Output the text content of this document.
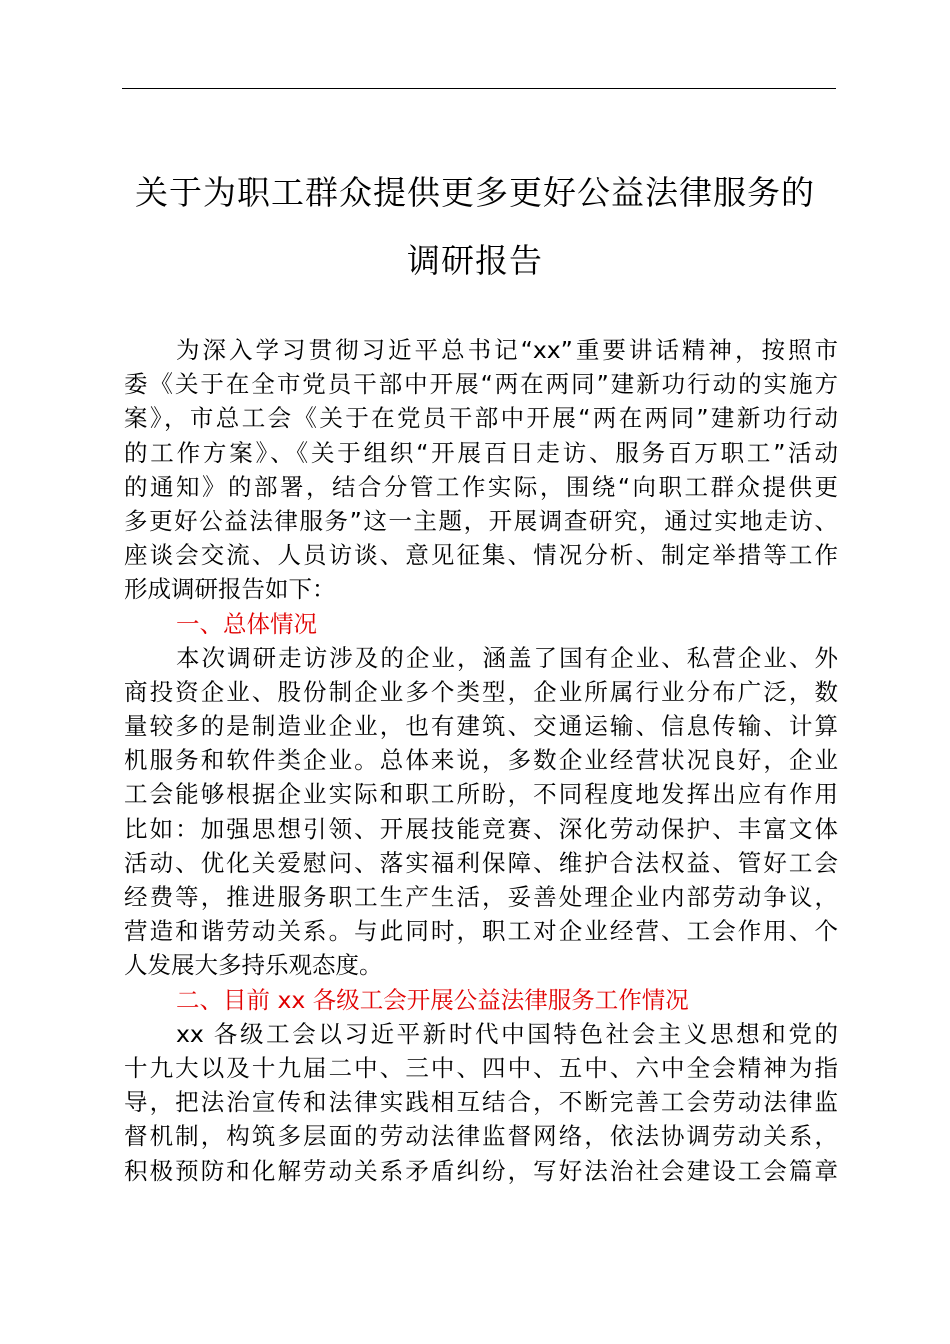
关于为职工群众提供更多更好公益法律服务的
调研报告
为深入学习贯彻习近平总书记“xx”重要讲话精神，按照市
委《关于在全市党员干部中开展“两在两同”建新功行动的实施方
案》，市总工会《关于在党员干部中开展“两在两同”建新功行动
的工作方案》、《关于组织“开展百日走访、服务百万职工”活动
的通知》的部署，结合分管工作实际，围绕“向职工群众提供更
多更好公益法律服务”这一主题，开展调查研究，通过实地走访、
座谈会交流、人员访谈、意见征集、情况分析、制定举措等工作
形成调研报告如下：
一、总体情况
本次调研走访涉及的企业，涵盖了国有企业、私营企业、外
商投资企业、股份制企业多个类型，企业所属行业分布广泛，数
量较多的是制造业企业，也有建筑、交通运输、信息传输、计算
机服务和软件类企业。总体来说，多数企业经营状况良好，企业
工会能够根据企业实际和职工所盼，不同程度地发挥出应有作用
比如：加强思想引领、开展技能竞赛、深化劳动保护、丰富文体
活动、优化关爱慰问、落实福利保障、维护合法权益、管好工会
经费等，推进服务职工生产生活，妥善处理企业内部劳动争议，
营造和谐劳动关系。与此同时，职工对企业经营、工会作用、个
人发展大多持乐观态度。
二、目前 xx 各级工会开展公益法律服务工作情况
xx 各级工会以习近平新时代中国特色社会主义思想和党的
十九大以及十九届二中、三中、四中、五中、六中全会精神为指
导，把法治宣传和法律实践相互结合，不断完善工会劳动法律监
督机制，构筑多层面的劳动法律监督网络，依法协调劳动关系，
积极预防和化解劳动关系矛盾纠纷，写好法治社会建设工会篇章
